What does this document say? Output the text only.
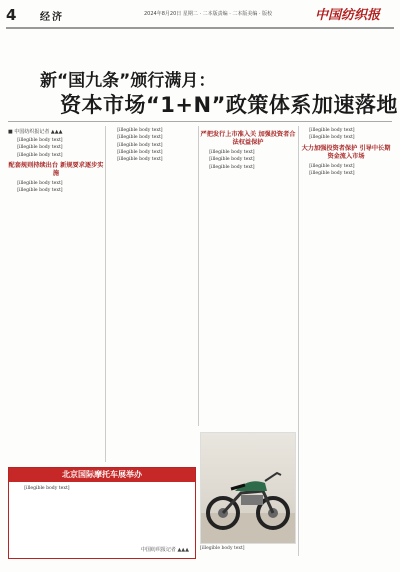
4 经济	2024年8月20日 星期二 · 二本版责编 · 二本版美编 · 版校	中国纺织报
新“国九条”颁行满月：
资本市场“1+N”政策体系加速落地
■ 中国纺织报记者 ▲▲▲

[illegible body text]

[illegible body text]

[illegible body text]

配套规则持续出台 新规要求逐步实施

[illegible body text]

[illegible body text]

[illegible body text]

[illegible body text]

[illegible body text]

[illegible body text]

[illegible body text]

严把发行上市准入关 加强投资者合法权益保护

[illegible body text]

[illegible body text]

[illegible body text]

[illegible body text]

[illegible body text]

大力加强投资者保护 引导中长期资金流入市场

[illegible body text]

[illegible body text]

北京国际摩托车展举办

[illegible body text]

中国纺织报记者 ▲▲▲ [illegible body text]
